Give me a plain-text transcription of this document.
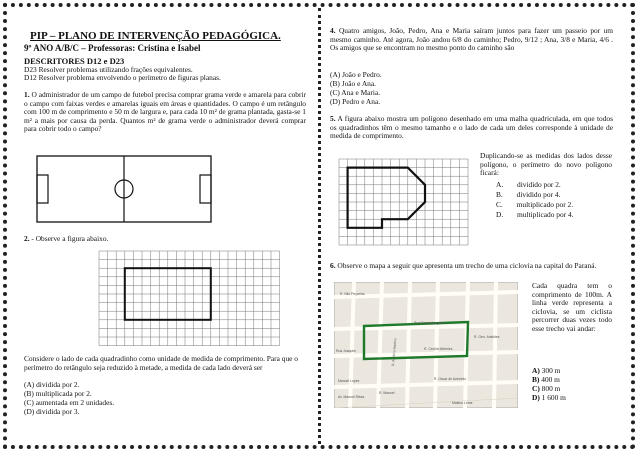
PIP – PLANO DE INTERVENÇÃO PEDAGÓGICA.
9º ANO A/B/C – Professoras: Cristina e Isabel
DESCRITORES D12 e D23
D23 Resolver problemas utilizando frações equivalentes.
D12 Resolver problema envolvendo o perímetro de figuras planas.
1. O administrador de um campo de futebol precisa comprar grama verde e amarela para cobrir o campo com faixas verdes e amarelas iguais em áreas e quantidades. O campo é um retângulo com 100 m de comprimento e 50 m de largura e, para cada 10 m² de grama plantada, gasta-se 1 m² a mais por causa da perda. Quantos m² de grama verde o administrador deverá comprar para cobrir todo o campo?
2. - Observe a figura abaixo.
Considere o lado de cada quadradinho como unidade de medida de comprimento. Para que o perímetro do retângulo seja reduzido à metade, a medida de cada lado deverá ser
(A) dividida por 2.
(B) multiplicada por 2.
(C) aumentada em 2 unidades.
(D) dividida por 3.
4. Quatro amigos, João, Pedro, Ana e Maria saíram juntos para fazer um passeio por um mesmo caminho. Até agora, João andou 6/8 do caminho; Pedro, 9/12 ; Ana, 3/8 e Maria, 4/6 . Os amigos que se encontram no mesmo ponto do caminho são
(A) João e Pedro.
(B) João e Ana.
(C) Ana e Maria.
(D) Pedro e Ana.
5. A figura abaixo mostra um polígono desenhado em uma malha quadriculada, em que todos os quadradinhos têm o mesmo tamanho e o lado de cada um deles corresponde à unidade de medida de comprimento.
Duplicando-se as medidas dos lados desse polígono, o perímetro do novo polígono ficará:
A. dividido por 2.
B. dividido por 4.
C. multiplicado por 2.
D. multiplicado por 4.
6. Observe o mapa a seguir que apresenta um trecho de uma ciclovia na capital do Paraná.
R. Nilo Peçanha
Rua Desembargador
R. Cecília Meireles
Rua Joaquim
R. Oscar de Azevedo
R. Manoel
R. Gen. Aristides
R. Antônio Martins
Manuel Lopes
Av. Manoel Ribas
Mateus Leme
Cada quadra tem o comprimento de 100m. A linha verde representa a ciclovia, se um ciclista percorrer duas vezes todo esse trecho vai andar:
A) 300 m
B) 400 m
C) 800 m
D) 1 600 m
